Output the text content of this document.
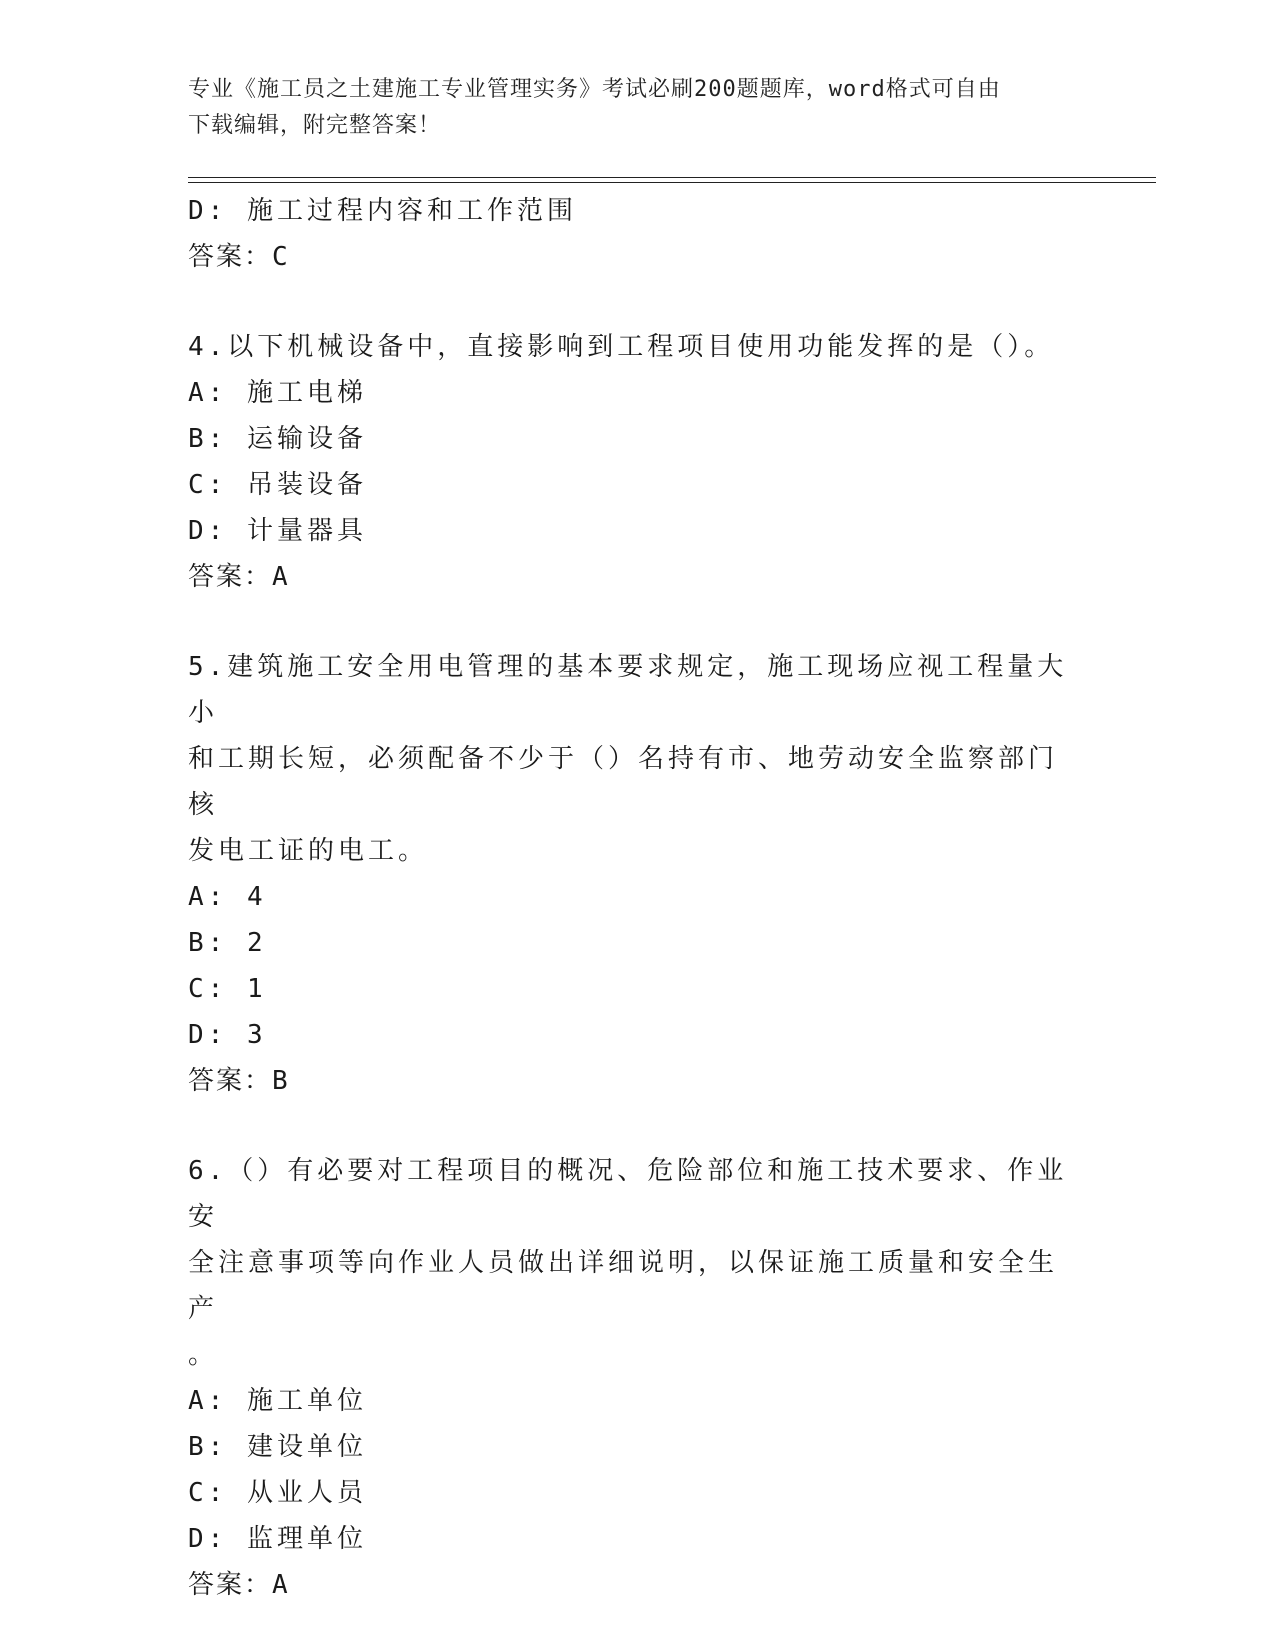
专业《施工员之土建施工专业管理实务》考试必刷200题题库，word格式可自由
下载编辑，附完整答案！

D: 施工过程内容和工作范围

答案：C

4.以下机械设备中，直接影响到工程项目使用功能发挥的是（）。

A: 施工电梯

B: 运输设备

C: 吊装设备

D: 计量器具

答案：A

5.建筑施工安全用电管理的基本要求规定，施工现场应视工程量大小

和工期长短，必须配备不少于（）名持有市、地劳动安全监察部门核

发电工证的电工。

A: 4

B: 2

C: 1

D: 3

答案：B

6.（）有必要对工程项目的概况、危险部位和施工技术要求、作业安

全注意事项等向作业人员做出详细说明，以保证施工质量和安全生产

。

A: 施工单位

B: 建设单位

C: 从业人员

D: 监理单位

答案：A
